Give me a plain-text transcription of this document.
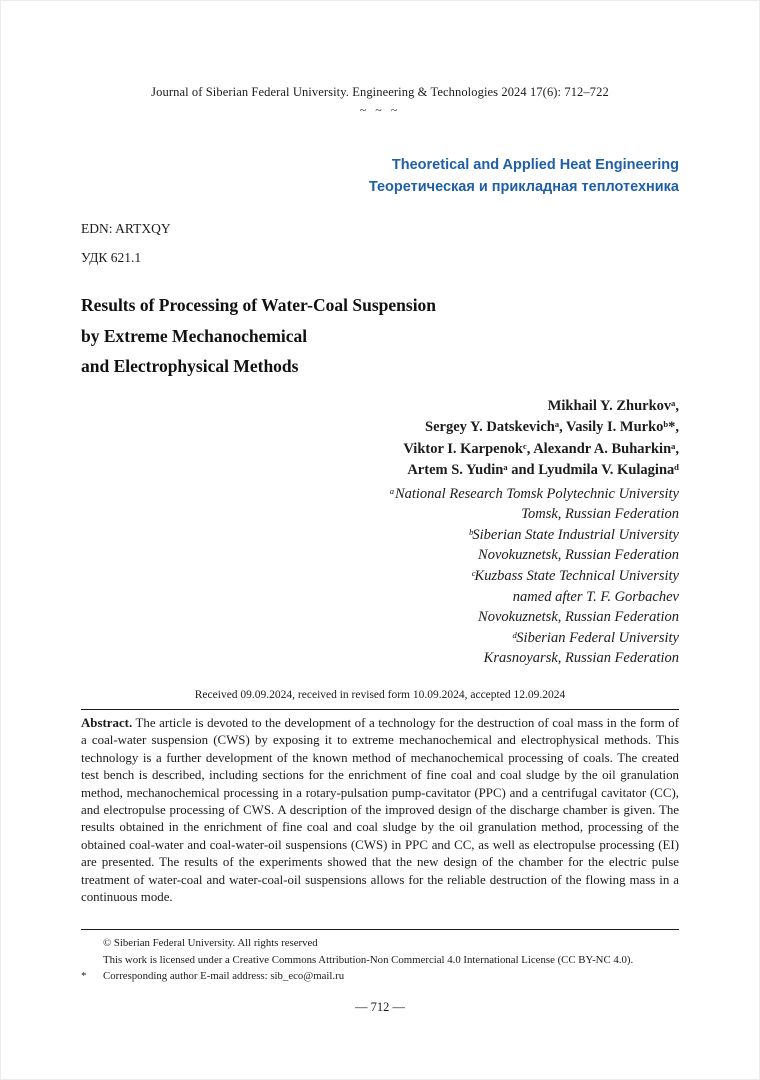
Journal of Siberian Federal University. Engineering & Technologies 2024 17(6): 712–722
~ ~ ~
Theoretical and Applied Heat Engineering
Теоретическая и прикладная теплотехника
EDN: ARTXQY
УДК 621.1
Results of Processing of Water-Coal Suspension
by Extreme Mechanochemical
and Electrophysical Methods
Mikhail Y. Zhurkovᵃ,
Sergey Y. Datskevichᵃ, Vasily I. Murkoᵇ*,
Viktor I. Karpenokᶜ, Alexandr A. Buharkinᵃ,
Artem S. Yudinᵃ and Lyudmila V. Kulaginaᵈ
ᵃNational Research Tomsk Polytechnic University
Tomsk, Russian Federation
ᵇSiberian State Industrial University
Novokuznetsk, Russian Federation
ᶜKuzbass State Technical University
named after T. F. Gorbachev
Novokuznetsk, Russian Federation
ᵈSiberian Federal University
Krasnoyarsk, Russian Federation
Received 09.09.2024, received in revised form 10.09.2024, accepted 12.09.2024

Abstract. The article is devoted to the development of a technology for the destruction of coal mass in the form of a coal-water suspension (CWS) by exposing it to extreme mechanochemical and electrophysical methods. This technology is a further development of the known method of mechanochemical processing of coals. The created test bench is described, including sections for the enrichment of fine coal and coal sludge by the oil granulation method, mechanochemical processing in a rotary-pulsation pump-cavitator (PPC) and a centrifugal cavitator (CC), and electropulse processing of CWS. A description of the improved design of the discharge chamber is given. The results obtained in the enrichment of fine coal and coal sludge by the oil granulation method, processing of the obtained coal-water and coal-water-oil suspensions (CWS) in PPC and CC, as well as electropulse processing (EI) are presented. The results of the experiments showed that the new design of the chamber for the electric pulse treatment of water-coal and water-coal-oil suspensions allows for the reliable destruction of the flowing mass in a continuous mode.

© Siberian Federal University. All rights reserved
This work is licensed under a Creative Commons Attribution-Non Commercial 4.0 International License (CC BY-NC 4.0).
*	Corresponding author E-mail address: sib_eco@mail.ru
— 712 —
